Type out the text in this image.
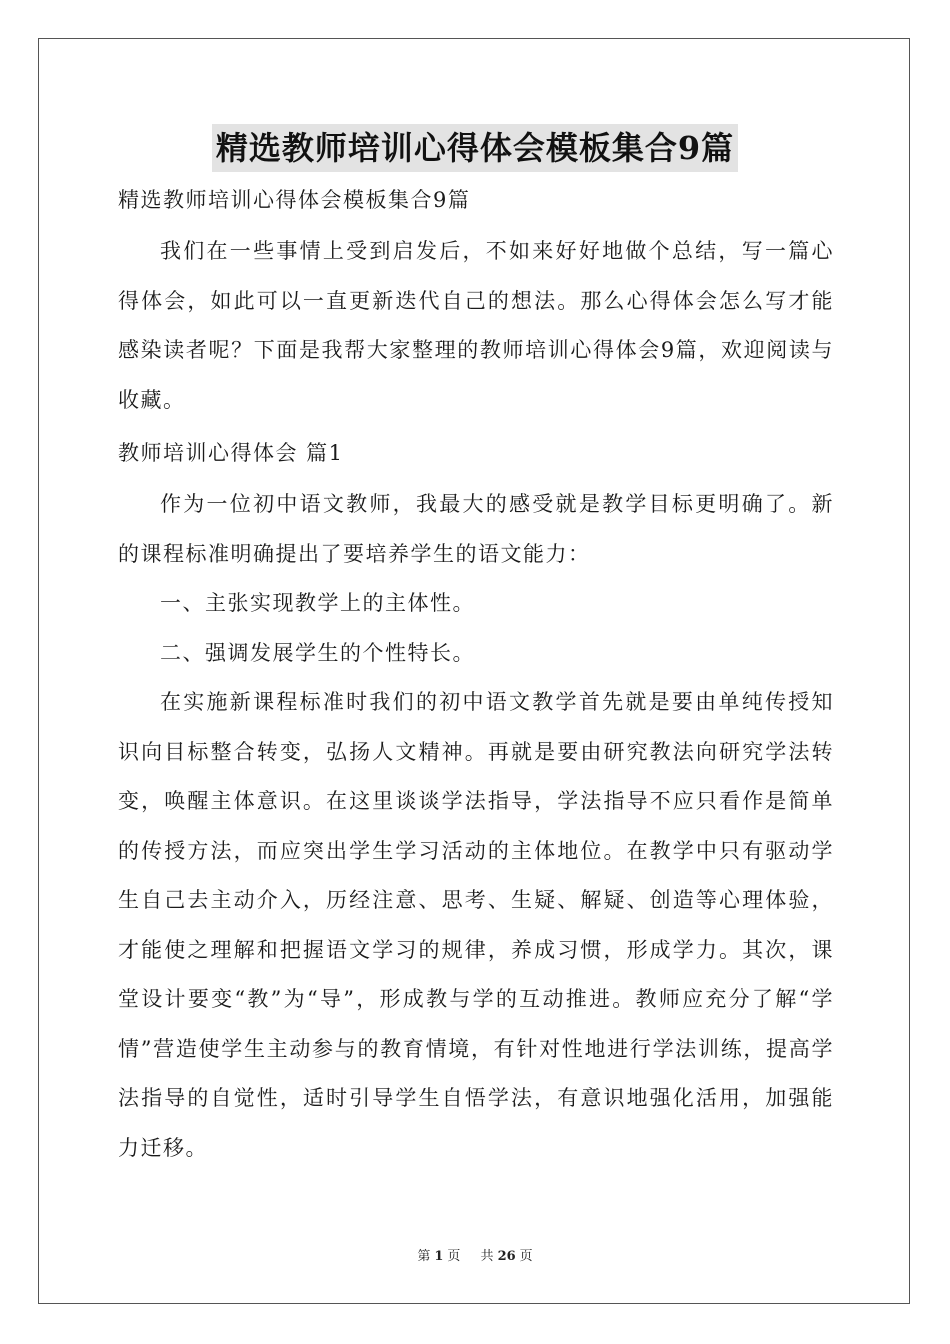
精选教师培训心得体会模板集合9篇

精选教师培训心得体会模板集合9篇

我们在一些事情上受到启发后，不如来好好地做个总结，写一篇心得体会，如此可以一直更新迭代自己的想法。那么心得体会怎么写才能感染读者呢？下面是我帮大家整理的教师培训心得体会9篇，欢迎阅读与收藏。

教师培训心得体会 篇1

作为一位初中语文教师，我最大的感受就是教学目标更明确了。新的课程标准明确提出了要培养学生的语文能力：

一、主张实现教学上的主体性。

二、强调发展学生的个性特长。

在实施新课程标准时我们的初中语文教学首先就是要由单纯传授知识向目标整合转变，弘扬人文精神。再就是要由研究教法向研究学法转变，唤醒主体意识。在这里谈谈学法指导，学法指导不应只看作是简单的传授方法，而应突出学生学习活动的主体地位。在教学中只有驱动学生自己去主动介入，历经注意、思考、生疑、解疑、创造等心理体验，才能使之理解和把握语文学习的规律，养成习惯，形成学力。其次，课堂设计要变“教”为“导”，形成教与学的互动推进。教师应充分了解“学情”营造使学生主动参与的教育情境，有针对性地进行学法训练，提高学法指导的自觉性，适时引导学生自悟学法，有意识地强化活用，加强能力迁移。

第 1 页 共 26 页
